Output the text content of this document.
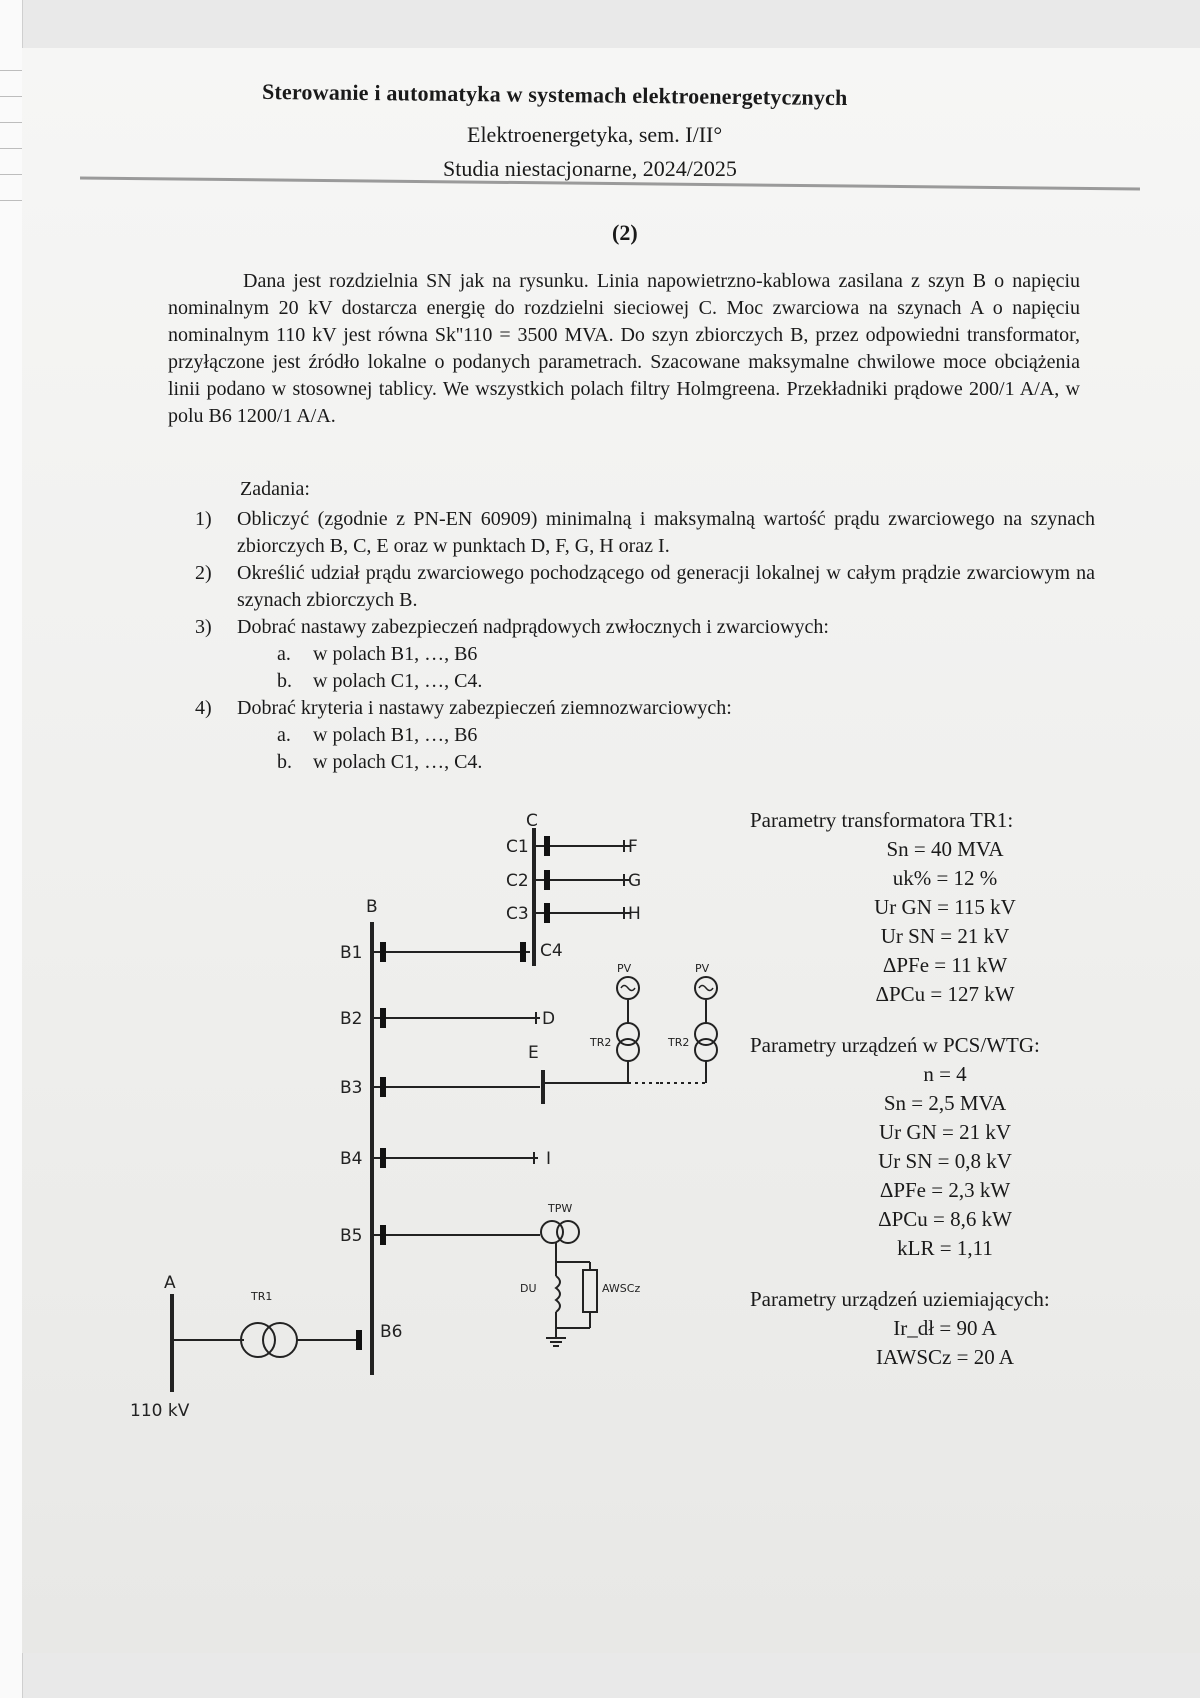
Sterowanie i automatyka w systemach elektroenergetycznych
Elektroenergetyka, sem. I/II°
Studia niestacjonarne, 2024/2025
(2)
Dana jest rozdzielnia SN jak na rysunku. Linia napowietrzno-kablowa zasilana z szyn B o napięciu nominalnym 20 kV dostarcza energię do rozdzielni sieciowej C. Moc zwarciowa na szynach A o napięciu nominalnym 110 kV jest równa Sk''110 = 3500 MVA. Do szyn zbiorczych B, przez odpowiedni transformator, przyłączone jest źródło lokalne o podanych parametrach. Szacowane maksymalne chwilowe moce obciążenia linii podano w stosownej tablicy. We wszystkich polach filtry Holmgreena. Przekładniki prądowe 200/1 A/A, w polu B6 1200/1 A/A.
Zadania:
1)	Obliczyć (zgodnie z PN-EN 60909) minimalną i maksymalną wartość prądu zwarciowego na szynach zbiorczych B, C, E oraz w punktach D, F, G, H oraz I.
2)	Określić udział prądu zwarciowego pochodzącego od generacji lokalnej w całym prądzie zwarciowym na szynach zbiorczych B.
3)	Dobrać nastawy zabezpieczeń nadprądowych zwłocznych i zwarciowych:
a.	w polach B1, …, B6
b.	w polach C1, …, C4.
4)	Dobrać kryteria i nastawy zabezpieczeń ziemnozwarciowych:
a.	w polach B1, …, B6
b.	w polach C1, …, C4.
C
C1
C2
C3
C4
F
G
H
B
B1
B2
B3
B4
B5
B6
D
E
I
A
110 kV
TR1
TR2	TR2
PV	PV
TPW
DU	AWSCz
Parametry transformatora TR1:
Sn = 40 MVA
uk% = 12 %
Ur GN = 115 kV
Ur SN = 21 kV
ΔPFe = 11 kW
ΔPCu = 127 kW
Parametry urządzeń w PCS/WTG:
n = 4
Sn = 2,5 MVA
Ur GN = 21 kV
Ur SN = 0,8 kV
ΔPFe = 2,3 kW
ΔPCu = 8,6 kW
kLR = 1,11
Parametry urządzeń uziemiających:
Ir_dł = 90 A
IAWSCz = 20 A
